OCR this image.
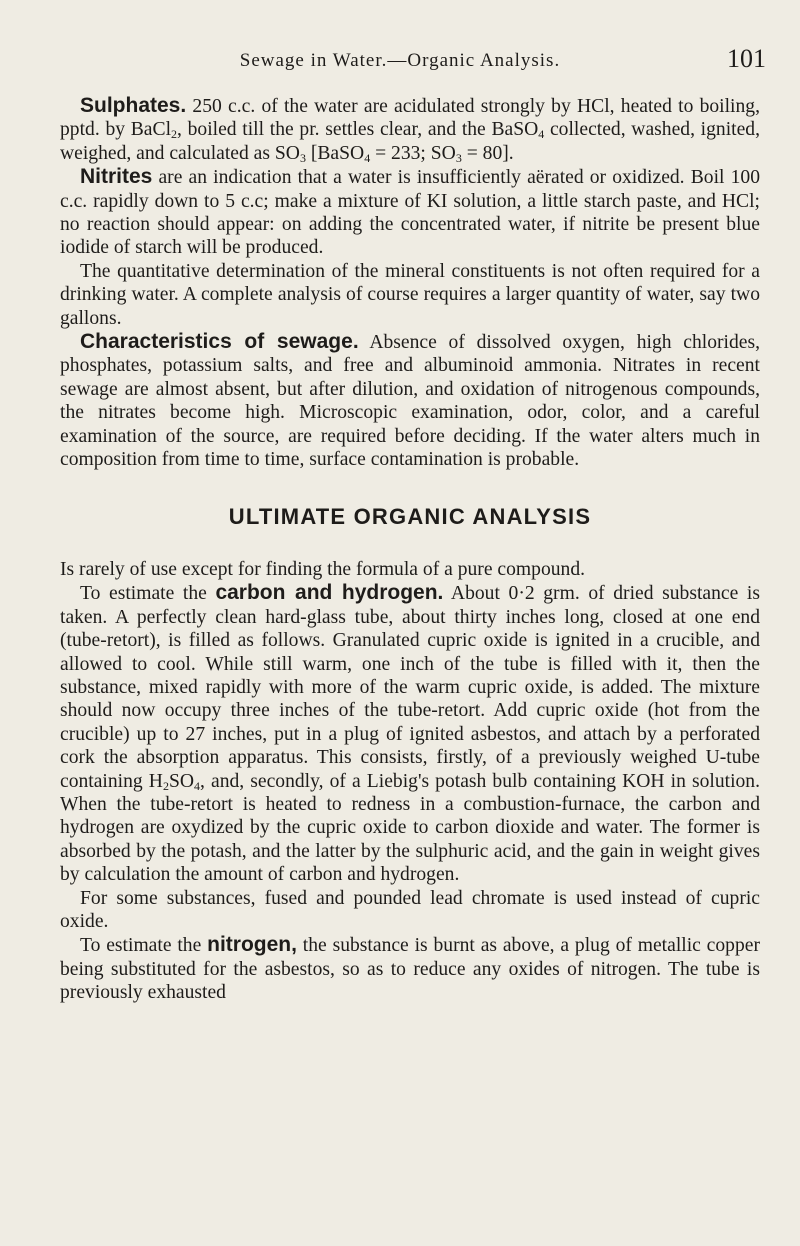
Sewage in Water.—Organic Analysis.	101

Sulphates. 250 c.c. of the water are acidulated strongly by HCl, heated to boiling, pptd. by BaCl$_2$, boiled till the pr. settles clear, and the BaSO$_4$ collected, washed, ignited, weighed, and calculated as $SO_3$ [BaSO$_4$ = 233; $SO_3 = 80$].

Nitrites are an indication that a water is insufficiently aërated or oxidized. Boil 100 c.c. rapidly down to 5 c.c; make a mixture of KI solution, a little starch paste, and HCl; no reaction should appear: on adding the concentrated water, if nitrite be present blue iodide of starch will be produced.

The quantitative determination of the mineral constituents is not often required for a drinking water. A complete analysis of course requires a larger quantity of water, say two gallons.

Characteristics of sewage. Absence of dissolved oxygen, high chlorides, phosphates, potassium salts, and free and albuminoid ammonia. Nitrates in recent sewage are almost absent, but after dilution, and oxidation of nitrogenous compounds, the nitrates become high. Microscopic examination, odor, color, and a careful examination of the source, are required before deciding. If the water alters much in composition from time to time, surface contamination is probable.

ULTIMATE ORGANIC ANALYSIS

Is rarely of use except for finding the formula of a pure compound.

To estimate the carbon and hydrogen. About 0·2 grm. of dried substance is taken. A perfectly clean hard-glass tube, about thirty inches long, closed at one end (tube-retort), is filled as follows. Granulated cupric oxide is ignited in a crucible, and allowed to cool. While still warm, one inch of the tube is filled with it, then the substance, mixed rapidly with more of the warm cupric oxide, is added. The mixture should now occupy three inches of the tube-retort. Add cupric oxide (hot from the crucible) up to 27 inches, put in a plug of ignited asbestos, and attach by a perforated cork the absorption apparatus. This consists, firstly, of a previously weighed U-tube containing $H_2SO_4$, and, secondly, of a Liebig's potash bulb containing KOH in solution. When the tube-retort is heated to redness in a combustion-furnace, the carbon and hydrogen are oxydized by the cupric oxide to carbon dioxide and water. The former is absorbed by the potash, and the latter by the sulphuric acid, and the gain in weight gives by calculation the amount of carbon and hydrogen.

For some substances, fused and pounded lead chromate is used instead of cupric oxide.

To estimate the nitrogen, the substance is burnt as above, a plug of metallic copper being substituted for the asbestos, so as to reduce any oxides of nitrogen. The tube is previously exhausted
